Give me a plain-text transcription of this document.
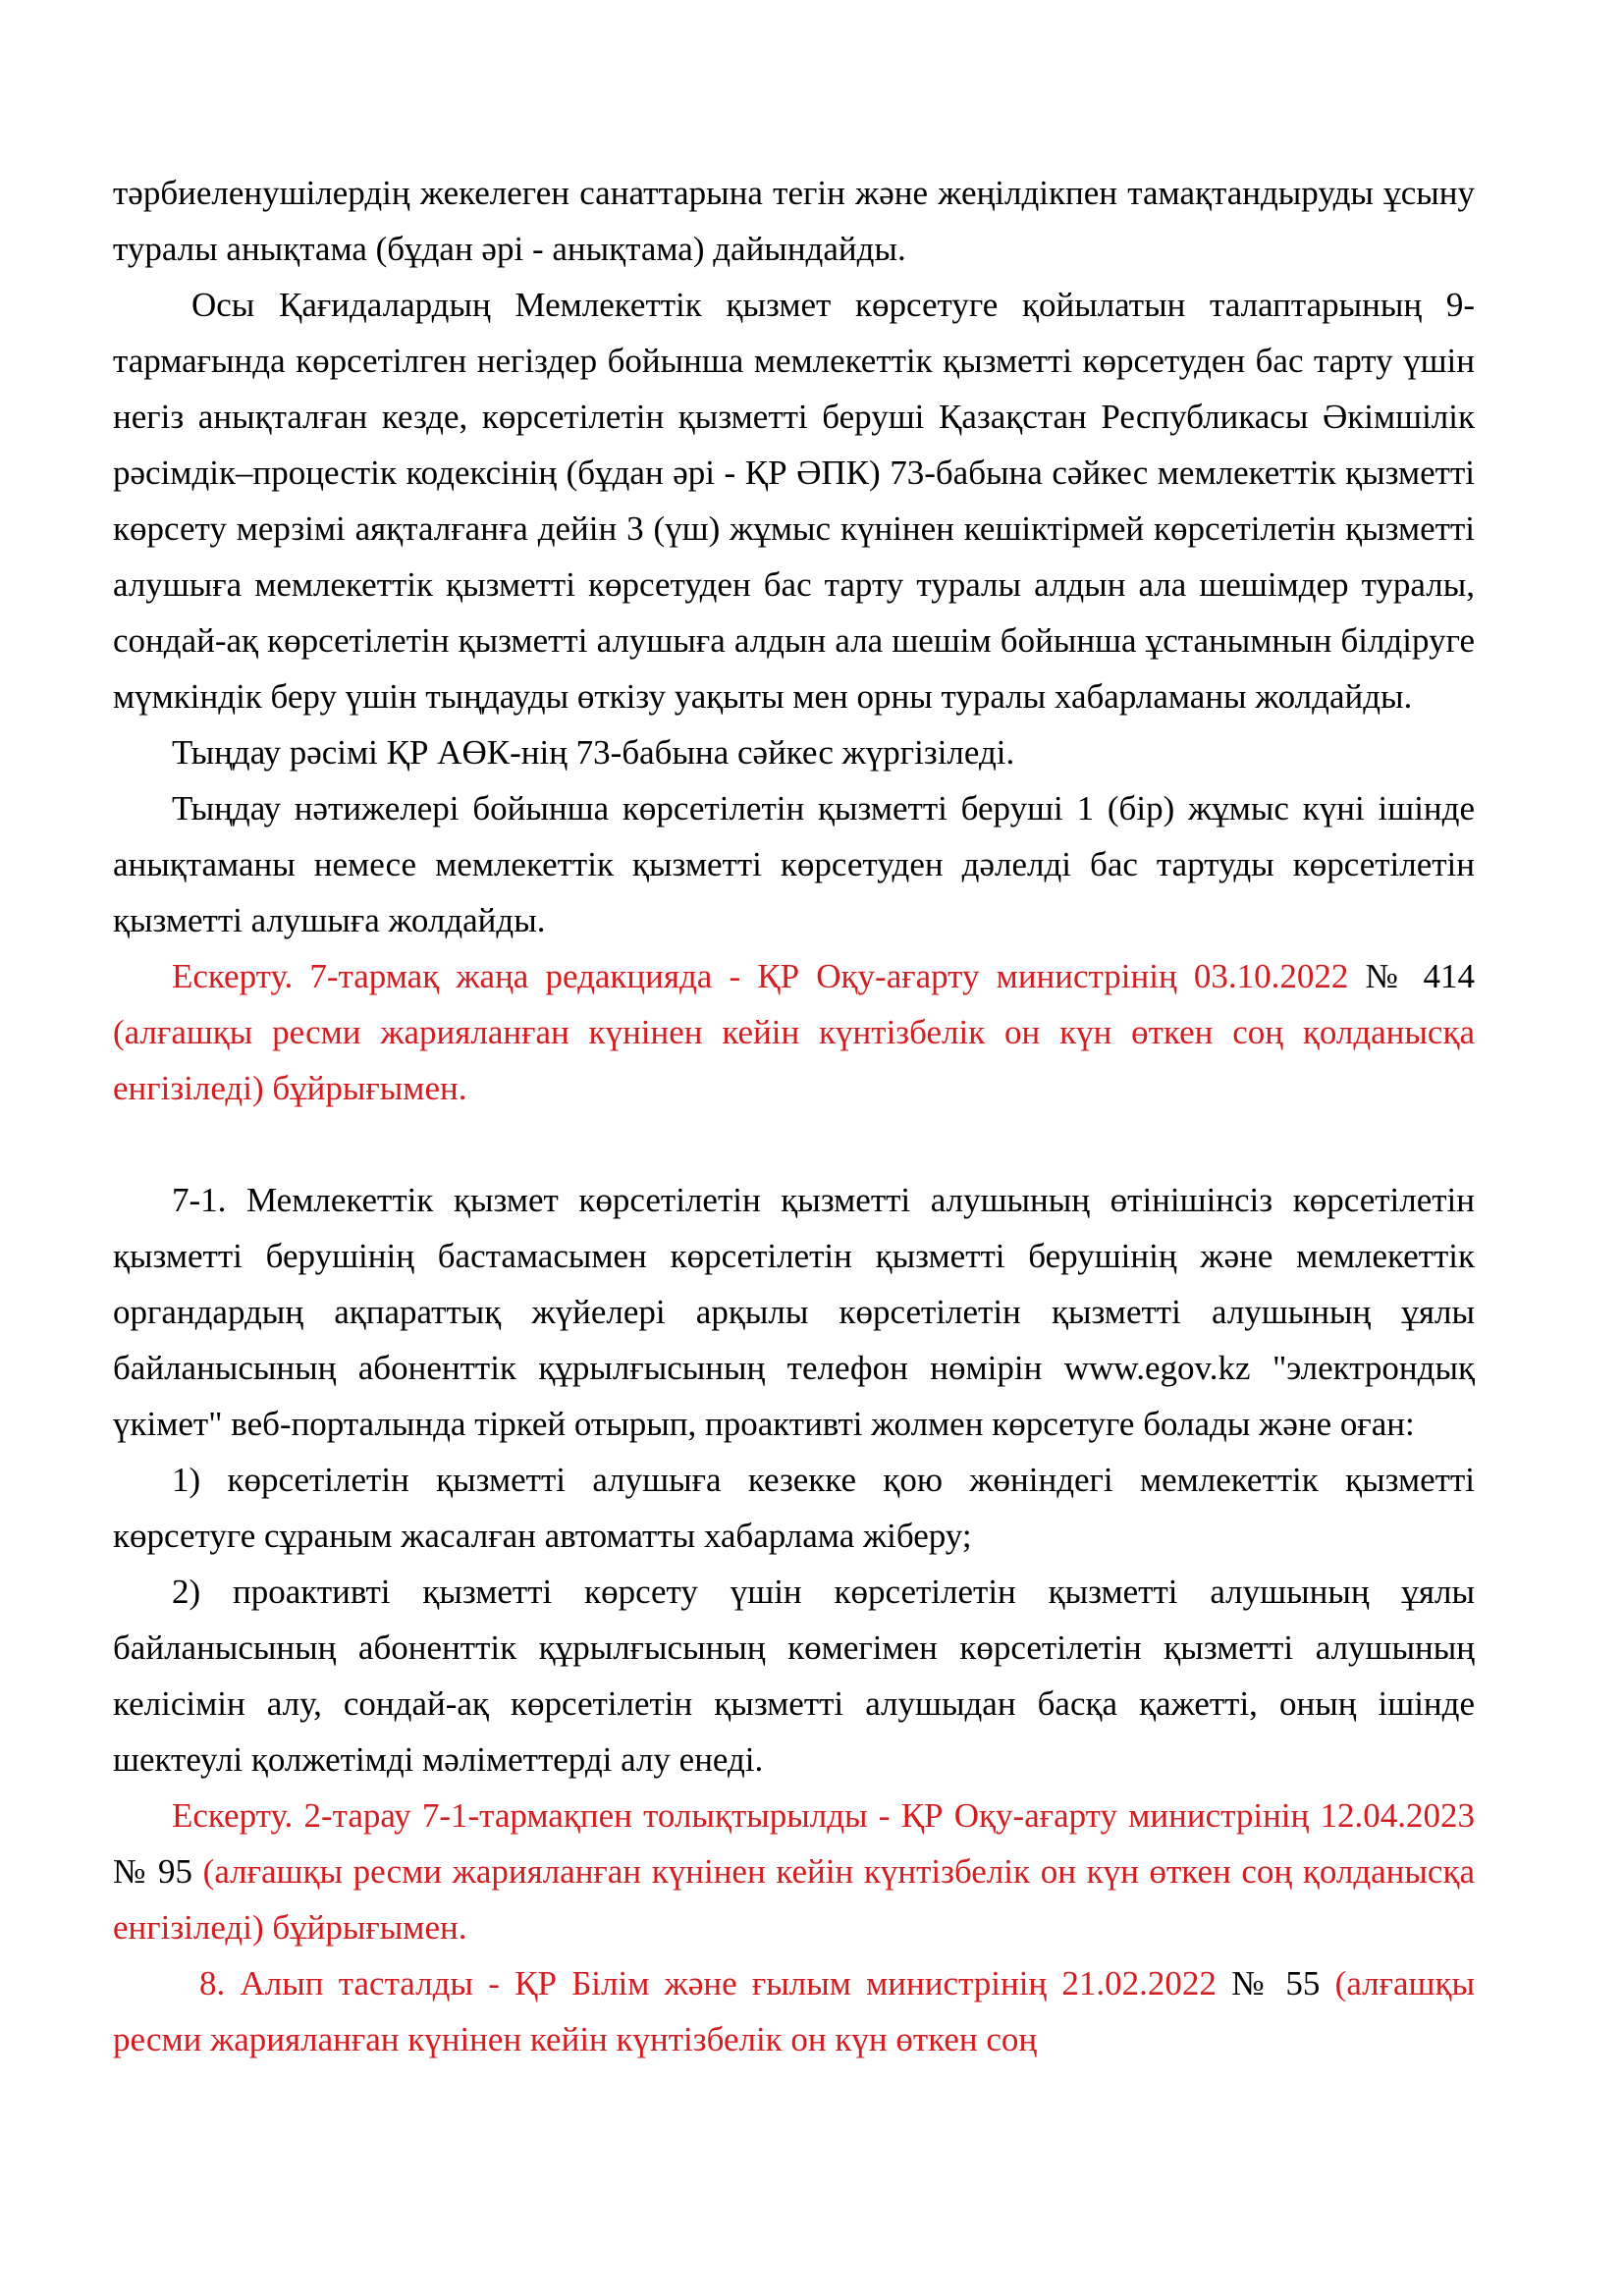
тәрбиеленушілердің жекелеген санаттарына тегін және жеңілдікпен тамақтандыруды ұсыну туралы анықтама (бұдан әрі - анықтама) дайындайды.

Осы Қағидалардың Мемлекеттік қызмет көрсетуге қойылатын талаптарының 9-тармағында көрсетілген негіздер бойынша мемлекеттік қызметті көрсетуден бас тарту үшін негіз анықталған кезде, көрсетілетін қызметті беруші Қазақстан Республикасы Әкімшілік рәсімдік–процестік кодексінің (бұдан әрі - ҚР ӘПК) 73-бабына сәйкес мемлекеттік қызметті көрсету мерзімі аяқталғанға дейін 3 (үш) жұмыс күнінен кешіктірмей көрсетілетін қызметті алушыға мемлекеттік қызметті көрсетуден бас тарту туралы алдын ала шешімдер туралы, сондай-ақ көрсетілетін қызметті алушыға алдын ала шешім бойынша ұстанымнын білдіруге мүмкіндік беру үшін тыңдауды өткізу уақыты мен орны туралы хабарламаны жолдайды.

Тыңдау рәсімі ҚР АӨК-нің 73-бабына сәйкес жүргізіледі.

Тыңдау нәтижелері бойынша көрсетілетін қызметті беруші 1 (бір) жұмыс күні ішінде анықтаманы немесе мемлекеттік қызметті көрсетуден дәлелді бас тартуды көрсетілетін қызметті алушыға жолдайды.

Ескерту. 7-тармақ жаңа редакцияда - ҚР Оқу-ағарту министрінің 03.10.2022 № 414 (алғашқы ресми жарияланған күнінен кейін күнтізбелік он күн өткен соң қолданысқа енгізіледі) бұйрығымен.

7-1. Мемлекеттік қызмет көрсетілетін қызметті алушының өтінішінсіз көрсетілетін қызметті берушінің бастамасымен көрсетілетін қызметті берушінің және мемлекеттік органдардың ақпараттық жүйелері арқылы көрсетілетін қызметті алушының ұялы байланысының абоненттік құрылғысының телефон нөмірін www.egov.kz "электрондық үкімет" веб-порталында тіркей отырып, проактивті жолмен көрсетуге болады және оған:

1) көрсетілетін қызметті алушыға кезекке қою жөніндегі мемлекеттік қызметті көрсетуге сұраным жасалған автоматты хабарлама жіберу;

2) проактивті қызметті көрсету үшін көрсетілетін қызметті алушының ұялы байланысының абоненттік құрылғысының көмегімен көрсетілетін қызметті алушының келісімін алу, сондай-ақ көрсетілетін қызметті алушыдан басқа қажетті, оның ішінде шектеулі қолжетімді мәліметтерді алу енеді.

Ескерту. 2-тарау 7-1-тармақпен толықтырылды - ҚР Оқу-ағарту министрінің 12.04.2023 № 95 (алғашқы ресми жарияланған күнінен кейін күнтізбелік он күн өткен соң қолданысқа енгізіледі) бұйрығымен.

8. Алып тасталды - ҚР Білім және ғылым министрінің 21.02.2022 № 55 (алғашқы ресми жарияланған күнінен кейін күнтізбелік он күн өткен соң
